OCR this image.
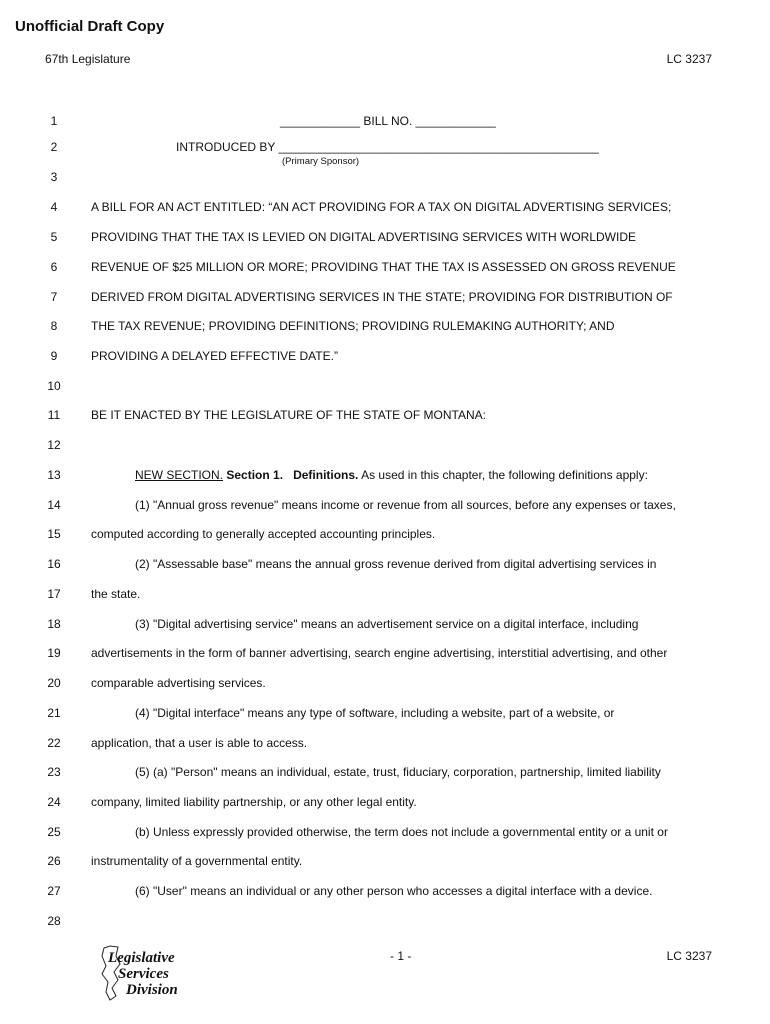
Unofficial Draft Copy
67th Legislature	LC 3237
1	____________ BILL NO. ____________
2	INTRODUCED BY ________________________________________________
(Primary Sponsor)
3
4	A BILL FOR AN ACT ENTITLED: “AN ACT PROVIDING FOR A TAX ON DIGITAL ADVERTISING SERVICES;
5	PROVIDING THAT THE TAX IS LEVIED ON DIGITAL ADVERTISING SERVICES WITH WORLDWIDE
6	REVENUE OF $25 MILLION OR MORE; PROVIDING THAT THE TAX IS ASSESSED ON GROSS REVENUE
7	DERIVED FROM DIGITAL ADVERTISING SERVICES IN THE STATE; PROVIDING FOR DISTRIBUTION OF
8	THE TAX REVENUE; PROVIDING DEFINITIONS; PROVIDING RULEMAKING AUTHORITY; AND
9	PROVIDING A DELAYED EFFECTIVE DATE.”
10
11	BE IT ENACTED BY THE LEGISLATURE OF THE STATE OF MONTANA:
12
13	NEW SECTION. Section 1. Definitions. As used in this chapter, the following definitions apply:
14	(1) "Annual gross revenue" means income or revenue from all sources, before any expenses or taxes,
15	computed according to generally accepted accounting principles.
16	(2) "Assessable base" means the annual gross revenue derived from digital advertising services in
17	the state.
18	(3) "Digital advertising service" means an advertisement service on a digital interface, including
19	advertisements in the form of banner advertising, search engine advertising, interstitial advertising, and other
20	comparable advertising services.
21	(4) "Digital interface" means any type of software, including a website, part of a website, or
22	application, that a user is able to access.
23	(5) (a) "Person" means an individual, estate, trust, fiduciary, corporation, partnership, limited liability
24	company, limited liability partnership, or any other legal entity.
25	(b) Unless expressly provided otherwise, the term does not include a governmental entity or a unit or
26	instrumentality of a governmental entity.
27	(6) "User" means an individual or any other person who accesses a digital interface with a device.
28
Legislative
Services
Division
- 1 -	LC 3237
